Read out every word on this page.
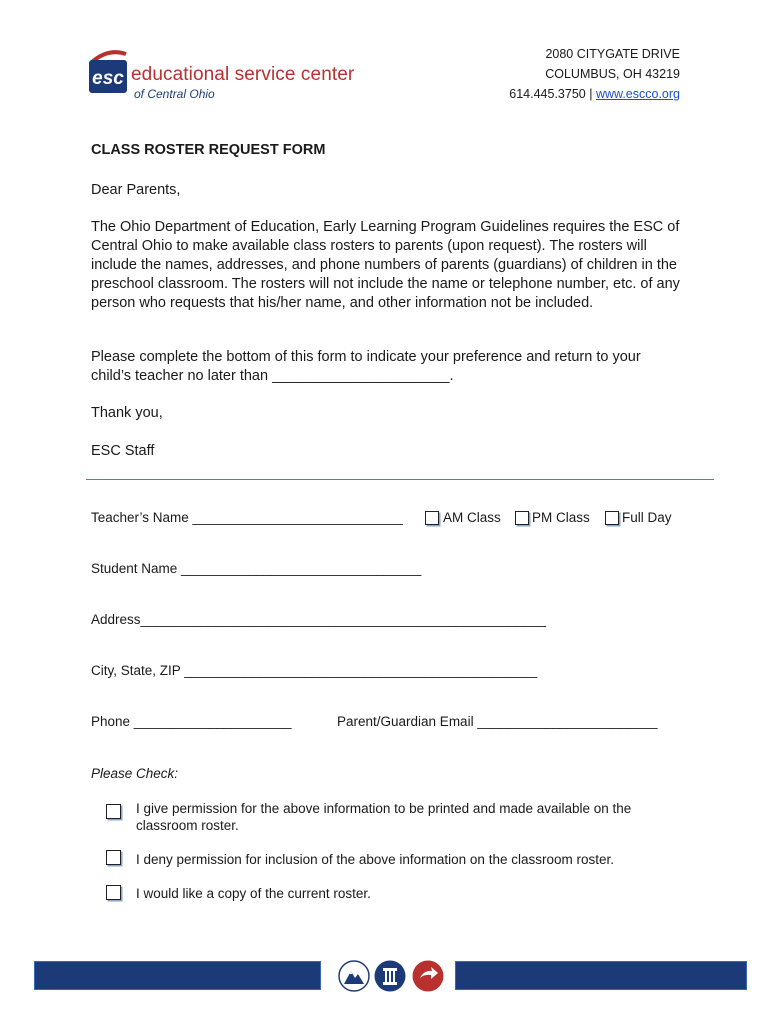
esc educational service center
of Central Ohio
2080 CITYGATE DRIVE
COLUMBUS, OH 43219
614.445.3750 | www.escco.org
CLASS ROSTER REQUEST FORM
Dear Parents,
The Ohio Department of Education, Early Learning Program Guidelines requires the ESC of Central Ohio to make available class rosters to parents (upon request). The rosters will include the names, addresses, and phone numbers of parents (guardians) of children in the preschool classroom. The rosters will not include the name or telephone number, etc. of any person who requests that his/her name, and other information not be included.
Please complete the bottom of this form to indicate your preference and return to your child’s teacher no later than ______________________.
Thank you,
ESC Staff
Teacher’s Name ____________________________	AM Class PM Class Full Day
Student Name ________________________________
Address______________________________________________________
City, State, ZIP _______________________________________________
Phone _____________________	Parent/Guardian Email ________________________
Please Check:
I give permission for the above information to be printed and made available on the classroom roster.
I deny permission for inclusion of the above information on the classroom roster.
I would like a copy of the current roster.
